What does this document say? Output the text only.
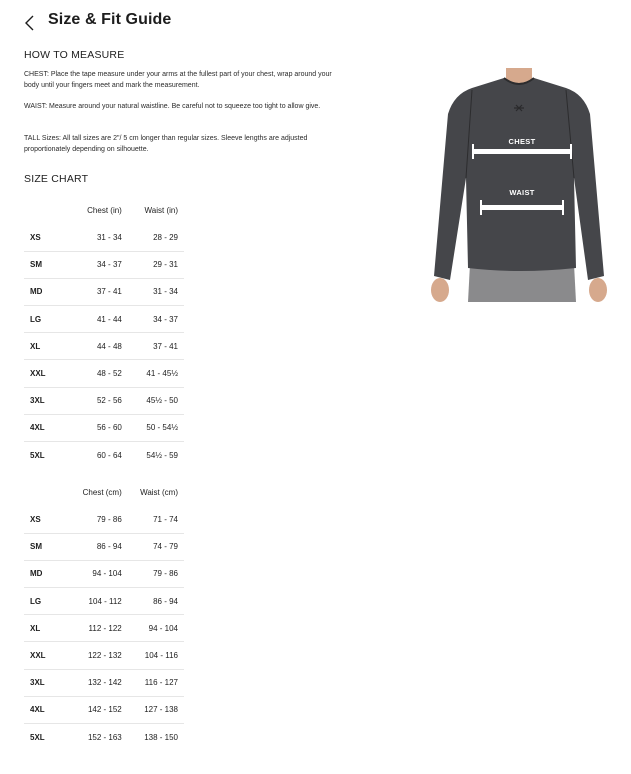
Size & Fit Guide
HOW TO MEASURE

CHEST: Place the tape measure under your arms at the fullest part of your chest, wrap around your body until your fingers meet and mark the measurement.

WAIST: Measure around your natural waistline. Be careful not to squeeze too tight to allow give.

TALL Sizes: All tall sizes are 2"/ 5 cm longer than regular sizes. Sleeve lengths are adjusted proportionately depending on silhouette.

SIZE CHART
	Chest (in)	Waist (in)
XS	31 - 34	28 - 29
SM	34 - 37	29 - 31
MD	37 - 41	31 - 34
LG	41 - 44	34 - 37
XL	44 - 48	37 - 41
XXL	48 - 52	41 - 45½
3XL	52 - 56	45½ - 50
4XL	56 - 60	50 - 54½
5XL	60 - 64	54½ - 59
	Chest (cm)	Waist (cm)
XS	79 - 86	71 - 74
SM	86 - 94	74 - 79
MD	94 - 104	79 - 86
LG	104 - 112	86 - 94
XL	112 - 122	94 - 104
XXL	122 - 132	104 - 116
3XL	132 - 142	116 - 127
4XL	142 - 152	127 - 138
5XL	152 - 163	138 - 150
CHEST
WAIST
